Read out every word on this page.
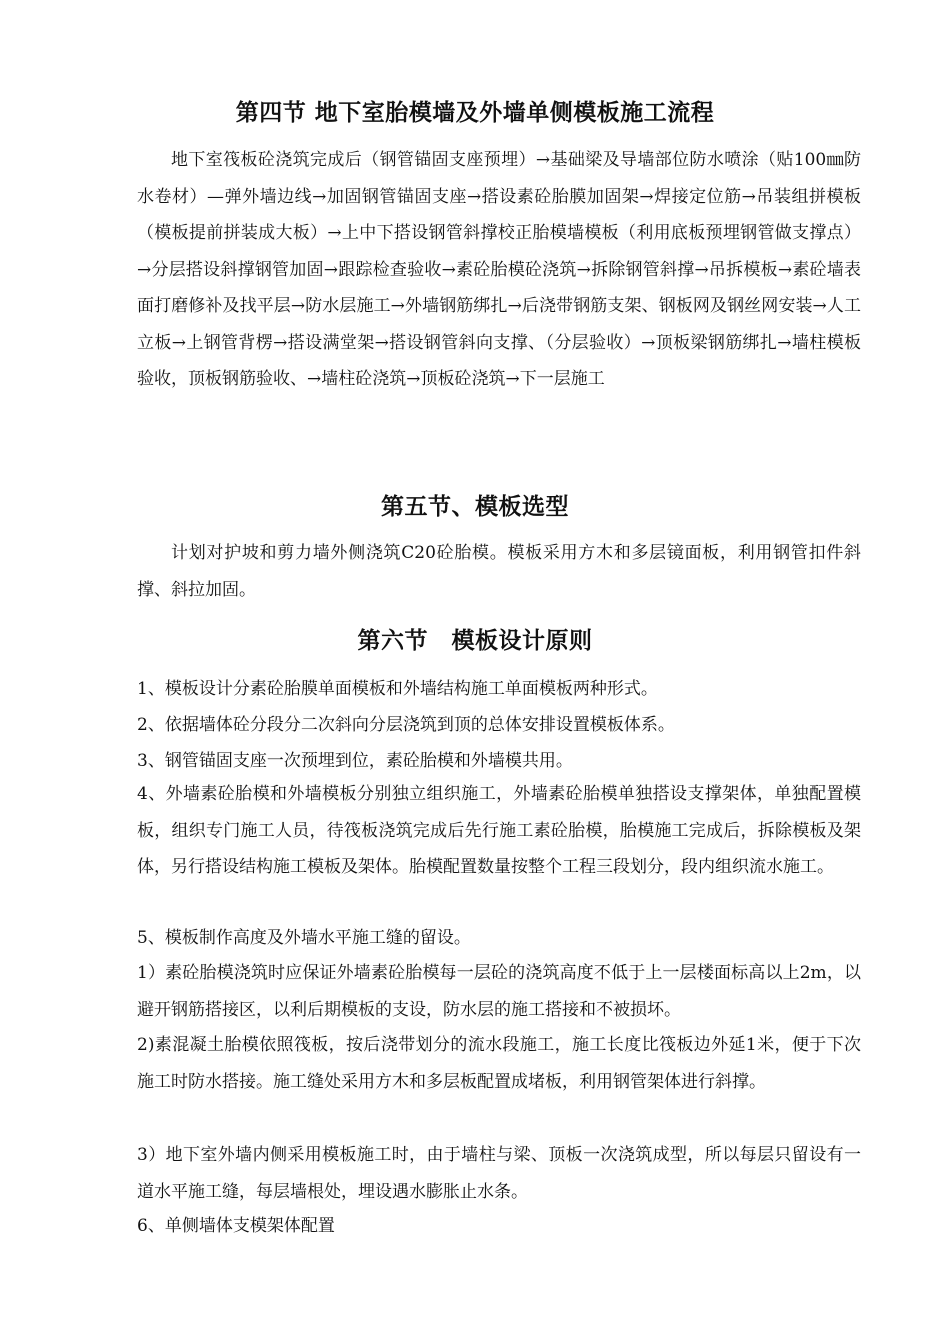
第四节 地下室胎模墙及外墙单侧模板施工流程

地下室筏板砼浇筑完成后（钢管锚固支座预埋）→基础梁及导墙部位防水喷涂（贴100㎜防水卷材）—弹外墙边线→加固钢管锚固支座→搭设素砼胎膜加固架→焊接定位筋→吊装组拼模板（模板提前拼装成大板）→上中下搭设钢管斜撑校正胎模墙模板（利用底板预埋钢管做支撑点）→分层搭设斜撑钢管加固→跟踪检查验收→素砼胎模砼浇筑→拆除钢管斜撑→吊拆模板→素砼墙表面打磨修补及找平层→防水层施工→外墙钢筋绑扎→后浇带钢筋支架、钢板网及钢丝网安装→人工立板→上钢管背楞→搭设满堂架→搭设钢管斜向支撑、（分层验收）→顶板梁钢筋绑扎→墙柱模板验收，顶板钢筋验收、→墙柱砼浇筑→顶板砼浇筑→下一层施工

第五节、模板选型

计划对护坡和剪力墙外侧浇筑C20砼胎模。模板采用方木和多层镜面板，利用钢管扣件斜撑、斜拉加固。

第六节　模板设计原则

1、模板设计分素砼胎膜单面模板和外墙结构施工单面模板两种形式。

2、依据墙体砼分段分二次斜向分层浇筑到顶的总体安排设置模板体系。

3、钢管锚固支座一次预埋到位，素砼胎模和外墙模共用。

4、外墙素砼胎模和外墙模板分别独立组织施工，外墙素砼胎模单独搭设支撑架体，单独配置模板，组织专门施工人员，待筏板浇筑完成后先行施工素砼胎模，胎模施工完成后，拆除模板及架体，另行搭设结构施工模板及架体。胎模配置数量按整个工程三段划分，段内组织流水施工。

5、模板制作高度及外墙水平施工缝的留设。

1）素砼胎模浇筑时应保证外墙素砼胎模每一层砼的浇筑高度不低于上一层楼面标高以上2m，以避开钢筋搭接区，以利后期模板的支设，防水层的施工搭接和不被损坏。

2)素混凝土胎模依照筏板，按后浇带划分的流水段施工，施工长度比筏板边外延1米，便于下次施工时防水搭接。施工缝处采用方木和多层板配置成堵板，利用钢管架体进行斜撑。

3）地下室外墙内侧采用模板施工时，由于墙柱与梁、顶板一次浇筑成型，所以每层只留设有一道水平施工缝，每层墙根处，埋设遇水膨胀止水条。

6、单侧墙体支模架体配置
